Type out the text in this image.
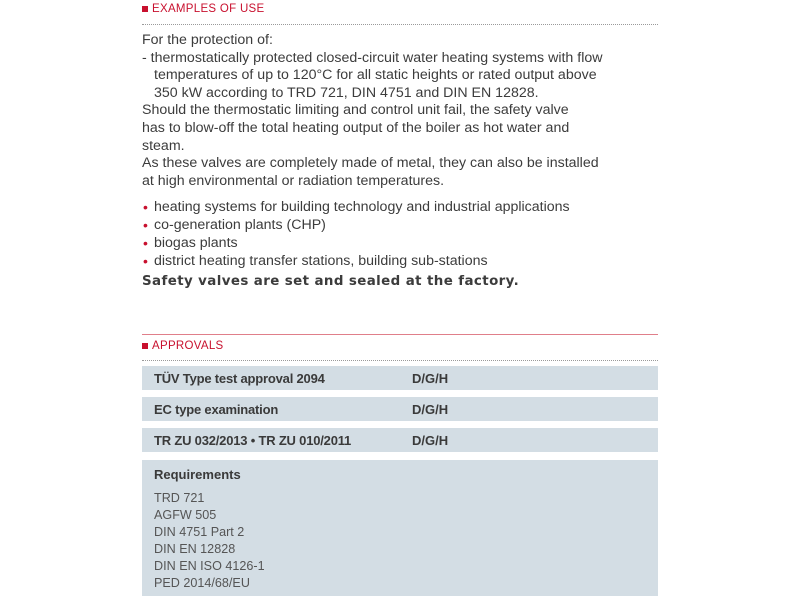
EXAMPLES OF USE

For the protection of:

- thermostatically protected closed-circuit water heating systems with flow

temperatures of up to 120°C for all static heights or rated output above

350 kW according to TRD 721, DIN 4751 and DIN EN 12828.

Should the thermostatic limiting and control unit fail, the safety valve

has to blow-off the total heating output of the boiler as hot water and

steam.

As these valves are completely made of metal, they can also be installed

at high environmental or radiation temperatures.

• heating systems for building technology and industrial applications
• co-generation plants (CHP)
• biogas plants
• district heating transfer stations, building sub-stations
Safety valves are set and sealed at the factory.
APPROVALS
TÜV Type test approval 2094	D/G/H
EC type examination	D/G/H
TR ZU 032/2013 • TR ZU 010/2011	D/G/H
Requirements
TRD 721
AGFW 505
DIN 4751 Part 2
DIN EN 12828
DIN EN ISO 4126-1
PED 2014/68/EU
